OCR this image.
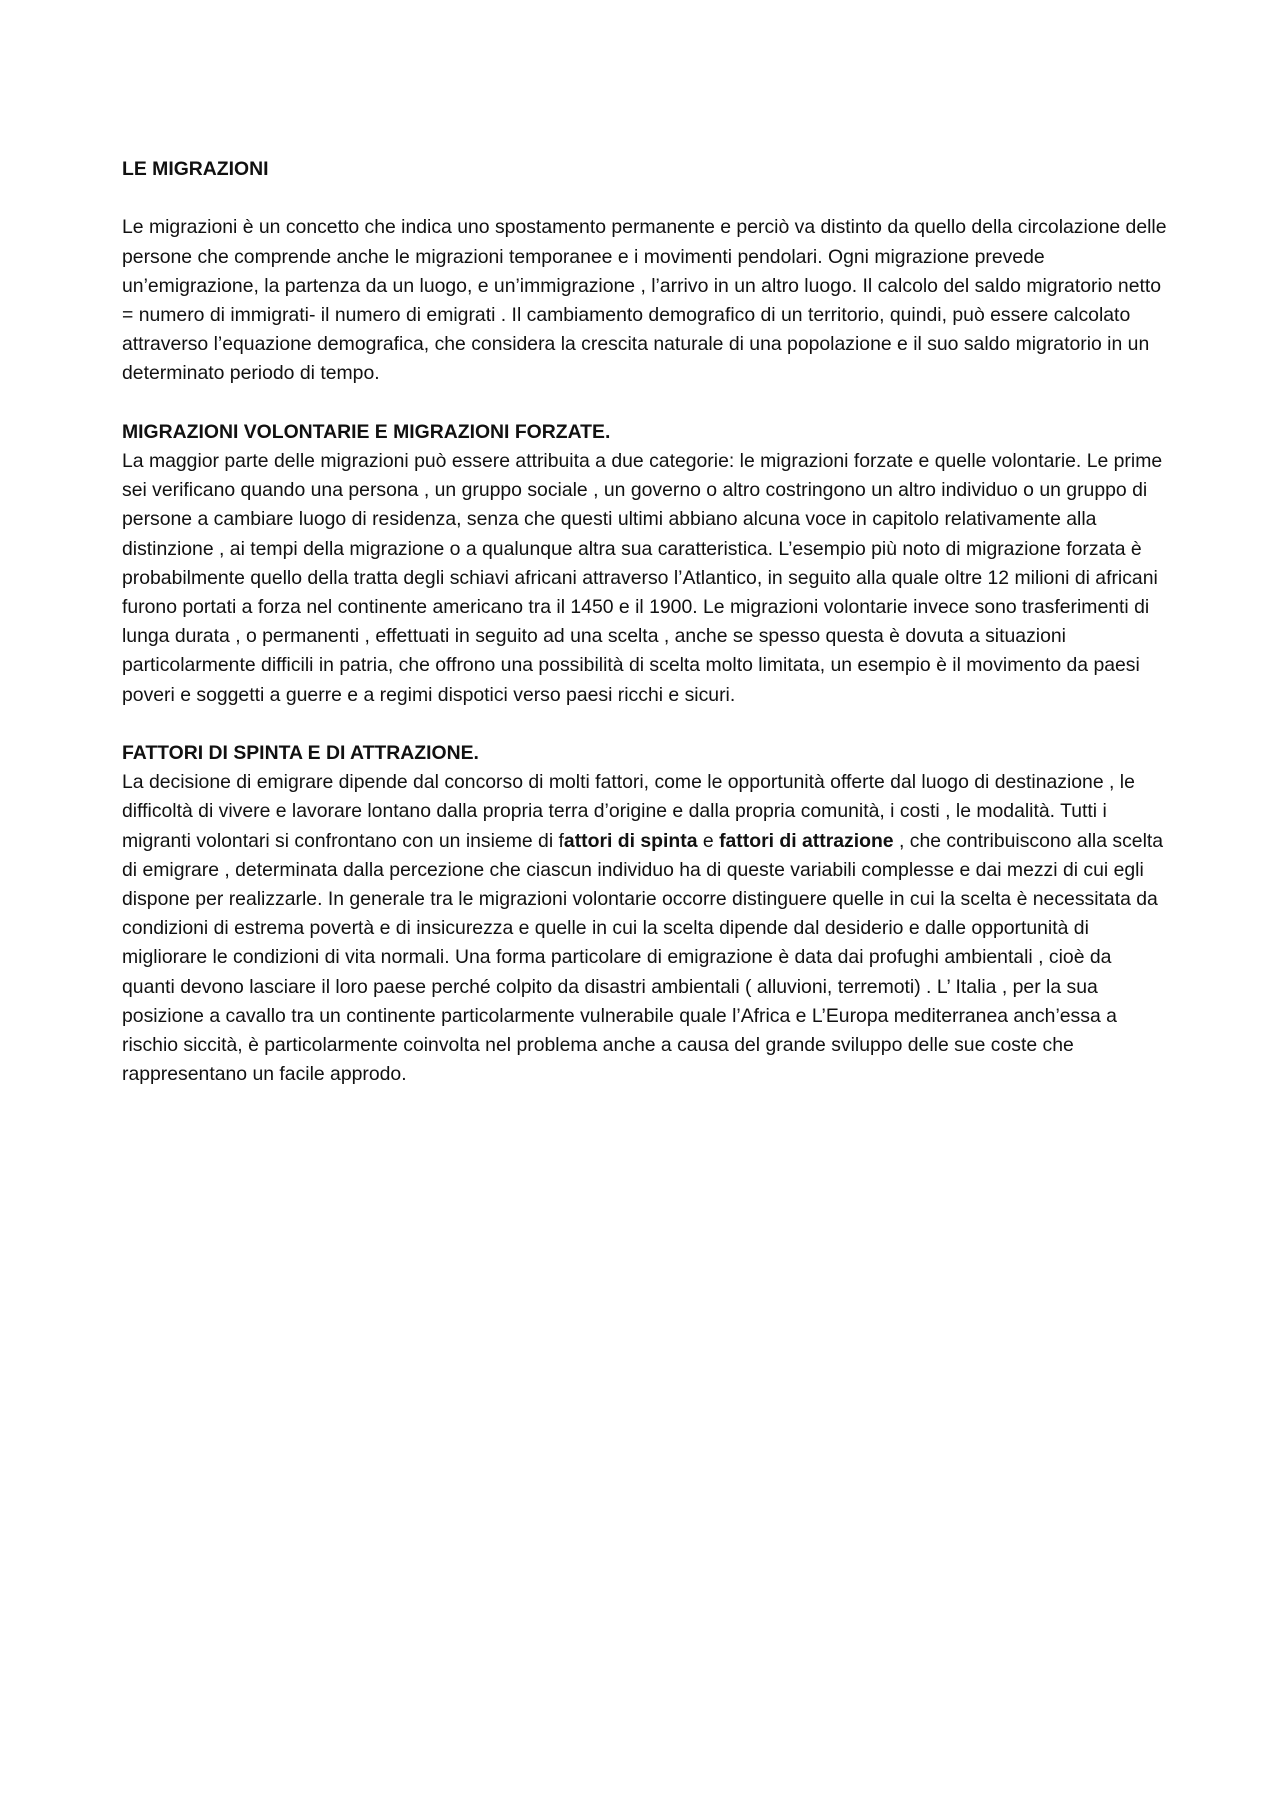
LE MIGRAZIONI

Le migrazioni è un concetto che indica uno spostamento permanente e perciò va distinto da quello della circolazione delle persone che comprende anche le migrazioni temporanee e i movimenti pendolari. Ogni migrazione prevede un’emigrazione, la partenza da un luogo, e un’immigrazione , l’arrivo in un altro luogo. Il calcolo del saldo migratorio netto = numero di immigrati- il numero di emigrati . Il cambiamento demografico di un territorio, quindi, può essere calcolato attraverso l’equazione demografica, che considera la crescita naturale di una popolazione e il suo saldo migratorio in un determinato periodo di tempo.

MIGRAZIONI VOLONTARIE E MIGRAZIONI FORZATE.

La maggior parte delle migrazioni può essere attribuita a due categorie: le migrazioni forzate e quelle volontarie. Le prime sei verificano quando una persona , un gruppo sociale , un governo o altro costringono un altro individuo o un gruppo di persone a cambiare luogo di residenza, senza che questi ultimi abbiano alcuna voce in capitolo relativamente alla distinzione , ai tempi della migrazione o a qualunque altra sua caratteristica. L’esempio più noto di migrazione forzata è probabilmente quello della tratta degli schiavi africani attraverso l’Atlantico, in seguito alla quale oltre 12 milioni di africani furono portati a forza nel continente americano tra il 1450 e il 1900. Le migrazioni volontarie invece sono trasferimenti di lunga durata , o permanenti , effettuati in seguito ad una scelta , anche se spesso questa è dovuta a situazioni particolarmente difficili in patria, che offrono una possibilità di scelta molto limitata, un esempio è il movimento da paesi poveri e soggetti a guerre e a regimi dispotici verso paesi ricchi e sicuri.

FATTORI DI SPINTA E DI ATTRAZIONE.

La decisione di emigrare dipende dal concorso di molti fattori, come le opportunità offerte dal luogo di destinazione , le difficoltà di vivere e lavorare lontano dalla propria terra d’origine e dalla propria comunità, i costi , le modalità. Tutti i migranti volontari si confrontano con un insieme di fattori di spinta e fattori di attrazione , che contribuiscono alla scelta di emigrare , determinata dalla percezione che ciascun individuo ha di queste variabili complesse e dai mezzi di cui egli dispone per realizzarle. In generale tra le migrazioni volontarie occorre distinguere quelle in cui la scelta è necessitata da condizioni di estrema povertà e di insicurezza e quelle in cui la scelta dipende dal desiderio e dalle opportunità di migliorare le condizioni di vita normali. Una forma particolare di emigrazione è data dai profughi ambientali , cioè da quanti devono lasciare il loro paese perché colpito da disastri ambientali ( alluvioni, terremoti) . L’ Italia , per la sua posizione a cavallo tra un continente particolarmente vulnerabile quale l’Africa e L’Europa mediterranea anch’essa a rischio siccità, è particolarmente coinvolta nel problema anche a causa del grande sviluppo delle sue coste che rappresentano un facile approdo.
